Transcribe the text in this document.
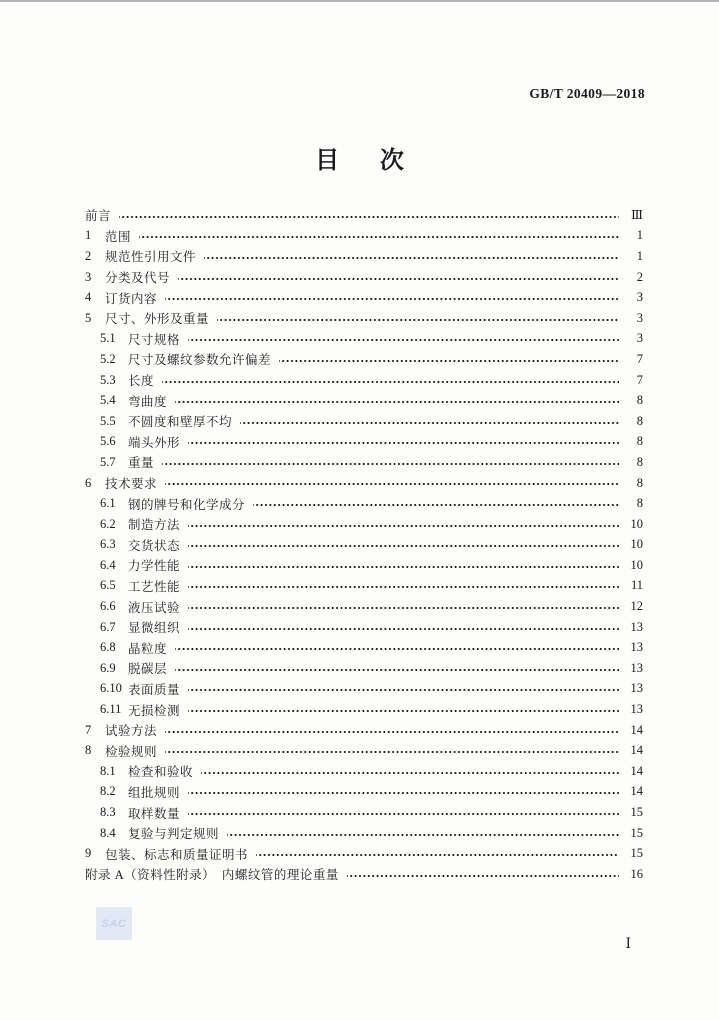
GB/T 20409—2018
目　次
前言	Ⅲ
1	范围	1
2	规范性引用文件	1
3	分类及代号	2
4	订货内容	3
5	尺寸、外形及重量	3
5.1 尺寸规格	3
5.2 尺寸及螺纹参数允许偏差	7
5.3 长度	7
5.4 弯曲度	8
5.5 不圆度和壁厚不均	8
5.6 端头外形	8
5.7 重量	8
6	技术要求	8
6.1 钢的牌号和化学成分	8
6.2 制造方法	10
6.3 交货状态	10
6.4 力学性能	10
6.5 工艺性能	11
6.6 液压试验	12
6.7 显微组织	13
6.8 晶粒度	13
6.9 脱碳层	13
6.10 表面质量	13
6.11 无损检测	13
7	试验方法	14
8	检验规则	14
8.1 检查和验收	14
8.2 组批规则	14
8.3 取样数量	15
8.4 复验与判定规则	15
9	包装、标志和质量证明书	15
附录 A（资料性附录）　内螺纹管的理论重量	16
SAC
Ⅰ
